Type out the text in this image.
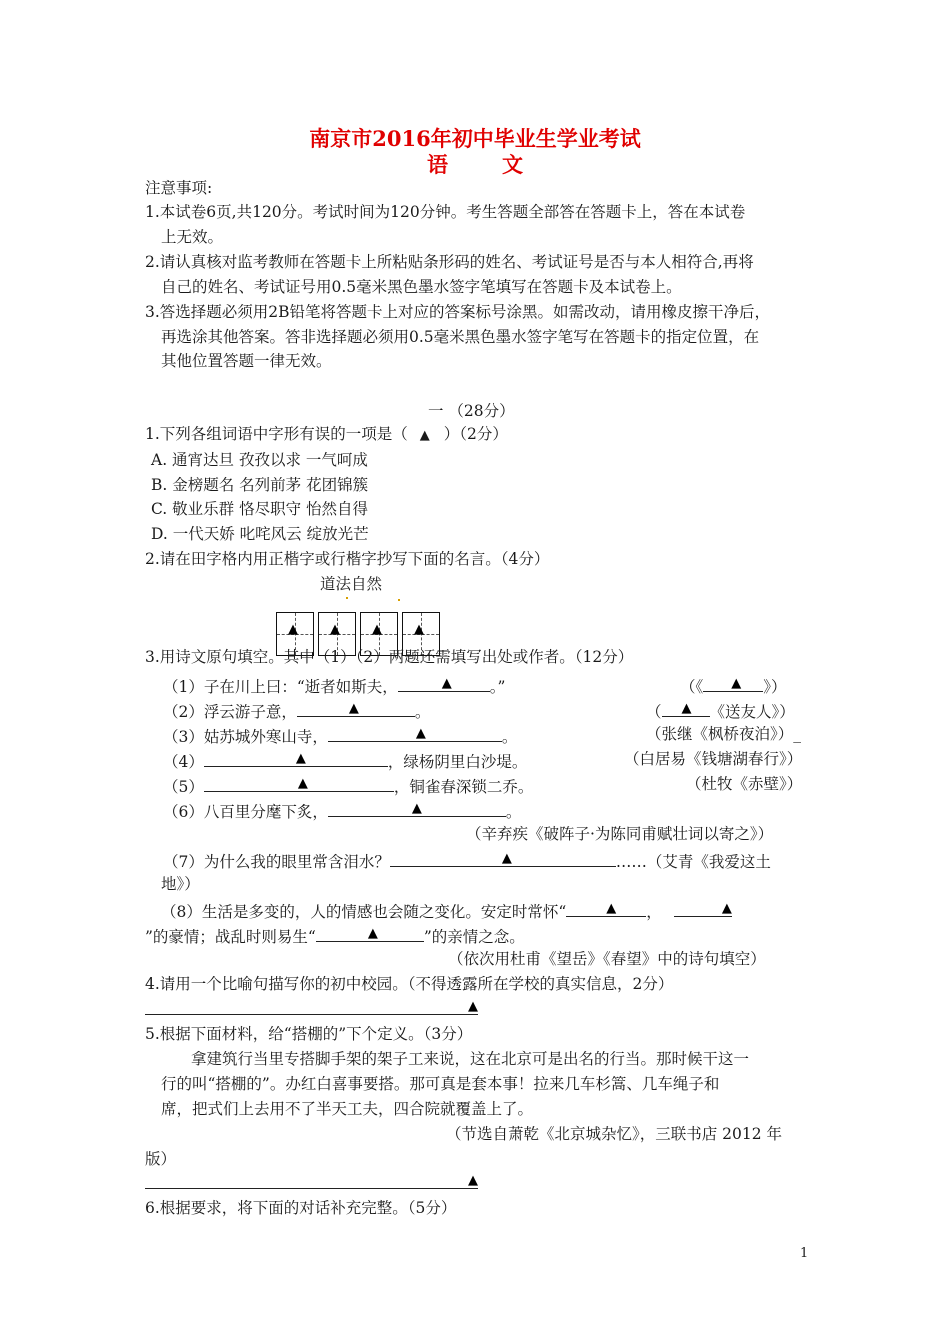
南京市2016年初中毕业生学业考试
语	文
注意事项:
1.本试卷6页,共120分。考试时间为120分钟。考生答题全部答在答题卡上，答在本试卷
上无效。
2.请认真核对监考教师在答题卡上所粘贴条形码的姓名、考试证号是否与本人相符合,再将
自己的姓名、考试证号用0.5毫米黑色墨水签字笔填写在答题卡及本试卷上。
3.答选择题必须用2B铅笔将答题卡上对应的答案标号涂黑。如需改动，请用橡皮擦干净后，
再选涂其他答案。答非选择题必须用0.5毫米黑色墨水签字笔写在答题卡的指定位置，在
其他位置答题一律无效。
一 （28分）
1.下列各组词语中字形有误的一项是（ ▲ ）（2分）
A. 通宵达旦 孜孜以求 一气呵成
B. 金榜题名 名列前茅 花团锦簇
C. 敬业乐群 恪尽职守 怡然自得
D. 一代天娇 叱咤风云 绽放光芒
2.请在田字格内用正楷字或行楷字抄写下面的名言。（4分）
道法自然
▲ ▲ ▲ ▲
3.用诗文原句填空。其中（1）（2）两题还需填写出处或作者。（12分）
（1）子在川上曰：“逝者如斯夫，	▲ 。”	（《 ▲ 》）
（2）浮云游子意，	▲	。	（ ▲ 《送友人》）
（3）姑苏城外寒山寺，	▲	。	（张继《枫桥夜泊》）_
（4）	▲	，绿杨阴里白沙堤。	（白居易《钱塘湖春行》）
（5）	▲	，铜雀春深锁二乔。	（杜牧《赤壁》）
（6）八百里分麾下炙，	▲	。
（辛弃疾《破阵子·为陈同甫赋壮词以寄之》）
（7）为什么我的眼里常含泪水？	▲	……（艾青《我爱这土
地》）
（8）生活是多变的，人的情感也会随之变化。安定时常怀“	▲ ，	▲
”的豪情；战乱时则易生“	▲	”的亲情之念。
（依次用杜甫《望岳》《春望》中的诗句填空）
4.请用一个比喻句描写你的初中校园。（不得透露所在学校的真实信息，2分）
▲
5.根据下面材料，给“搭棚的”下个定义。（3分）
拿建筑行当里专搭脚手架的架子工来说，这在北京可是出名的行当。那时候干这一
行的叫“搭棚的”。办红白喜事要搭。那可真是套本事！拉来几车杉篙、几车绳子和
席，把式们上去用不了半天工夫，四合院就覆盖上了。
（节选自萧乾《北京城杂忆》，三联书店 2012 年
版）
▲
6.根据要求，将下面的对话补充完整。（5分）
1
